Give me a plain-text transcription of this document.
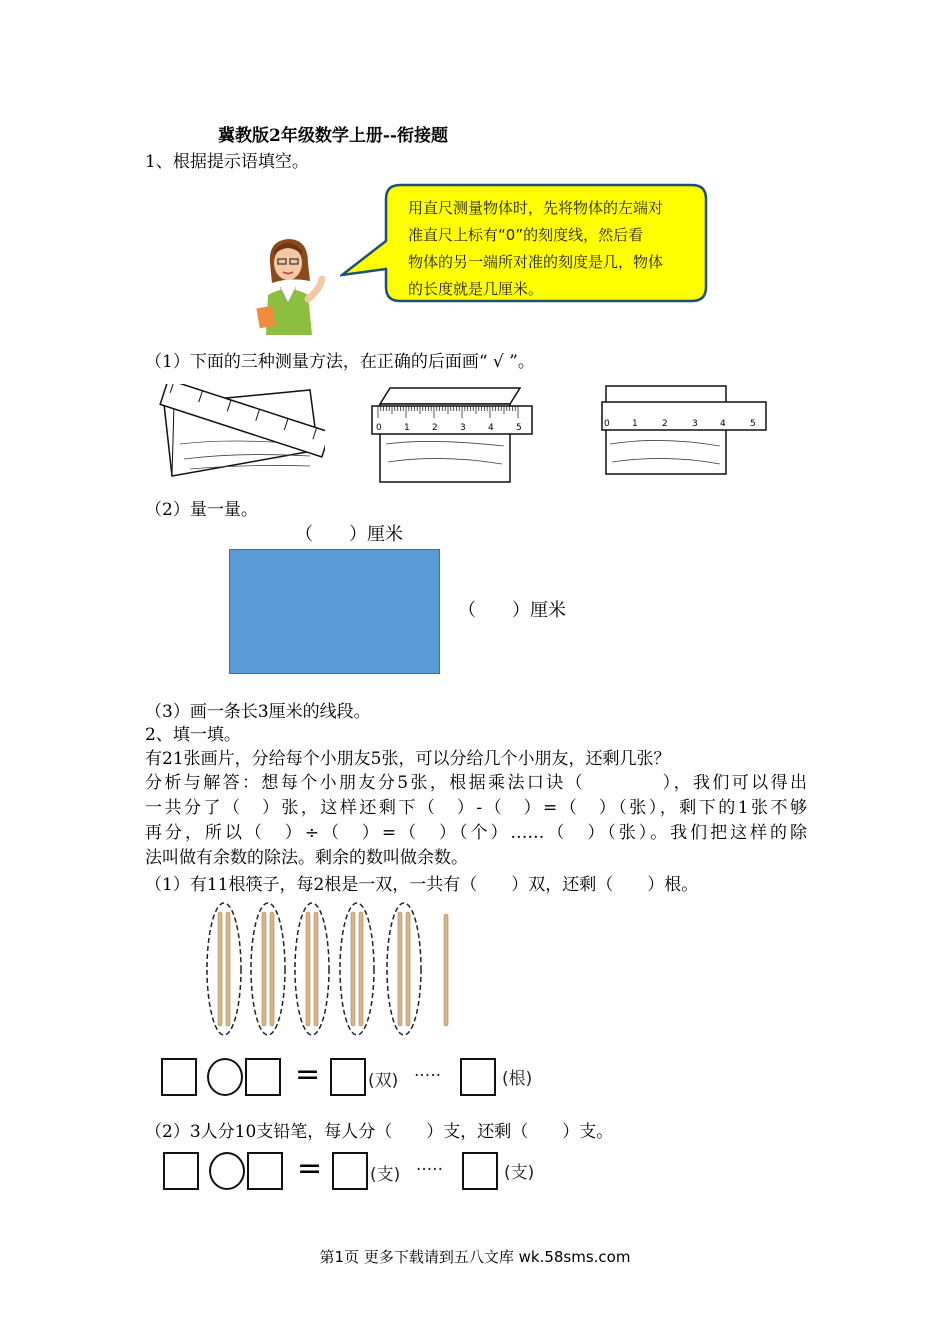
冀教版2年级数学上册--衔接题
1、根据提示语填空。
用直尺测量物体时，先将物体的左端对
准直尺上标有“0”的刻度线，然后看
物体的另一端所对准的刻度是几，物体
的长度就是几厘米。
（1）下面的三种测量方法，在正确的后面画“ √ ”。
0 1 2 3 4 5	0 1	2	3 4	5
（2）量一量。
（　　）厘米
（　　）厘米
（3）画一条长3厘米的线段。
2、填一填。
有21张画片，分给每个小朋友5张，可以分给几个小朋友，还剩几张？
分析与解答：想每个小朋友分5张，根据乘法口诀（　　　　），我们可以得出
一共分了（　）张，这样还剩下（　）-（　）=（　）（张），剩下的1张不够
再分，所以（　）÷（　）=（　）（个）……（　）（张）。我们把这样的除
法叫做有余数的除法。剩余的数叫做余数。
（1）有11根筷子，每2根是一双，一共有（　　）双，还剩（　　）根。
=	(双) ·····	(根)
（2）3人分10支铅笔，每人分（　　）支，还剩（　　）支。
=	(支) ·····	(支)
第1页 更多下载请到五八文库 wk.58sms.com
